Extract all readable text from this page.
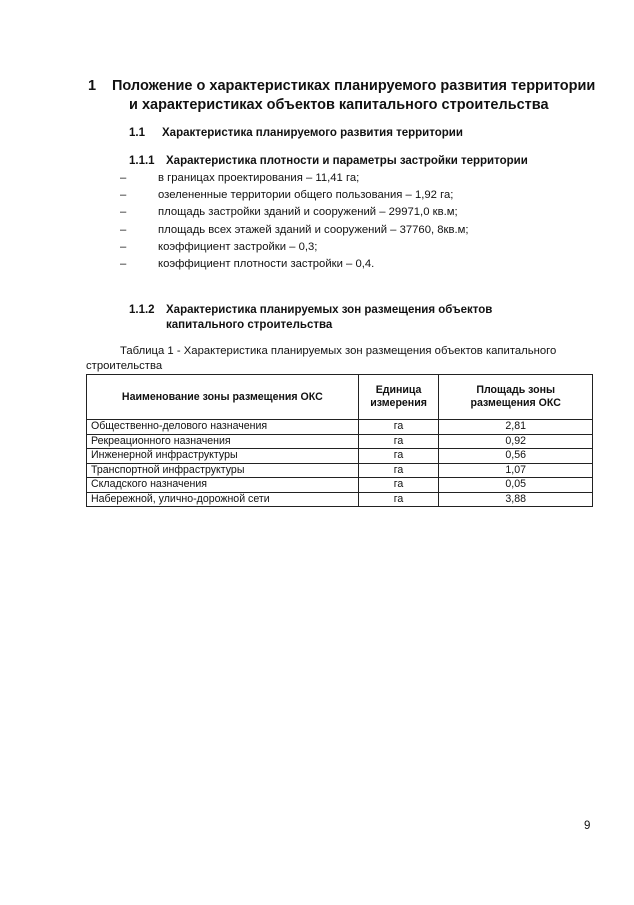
1 Положение о характеристиках планируемого развития территории
и характеристиках объектов капитального строительства
1.1 Характеристика планируемого развития территории
1.1.1 Характеристика плотности и параметры застройки территории
–	в границах проектирования – 11,41 га;
–	озелененные территории общего пользования – 1,92 га;
–	площадь застройки зданий и сооружений – 29971,0 кв.м;
–	площадь всех этажей зданий и сооружений – 37760, 8кв.м;
–	коэффициент застройки – 0,3;
–	коэффициент плотности застройки – 0,4.
1.1.2 Характеристика планируемых зон размещения объектов
капитального строительства
Таблица 1 - Характеристика планируемых зон размещения объектов капитального строительства
Наименование зоны размещения ОКС	Единица измерения	Площадь зоны размещения ОКС
Общественно-делового назначения	га	2,81
Рекреационного назначения	га	0,92
Инженерной инфраструктуры	га	0,56
Транспортной инфраструктуры	га	1,07
Складского назначения	га	0,05
Набережной, улично-дорожной сети	га	3,88
9
